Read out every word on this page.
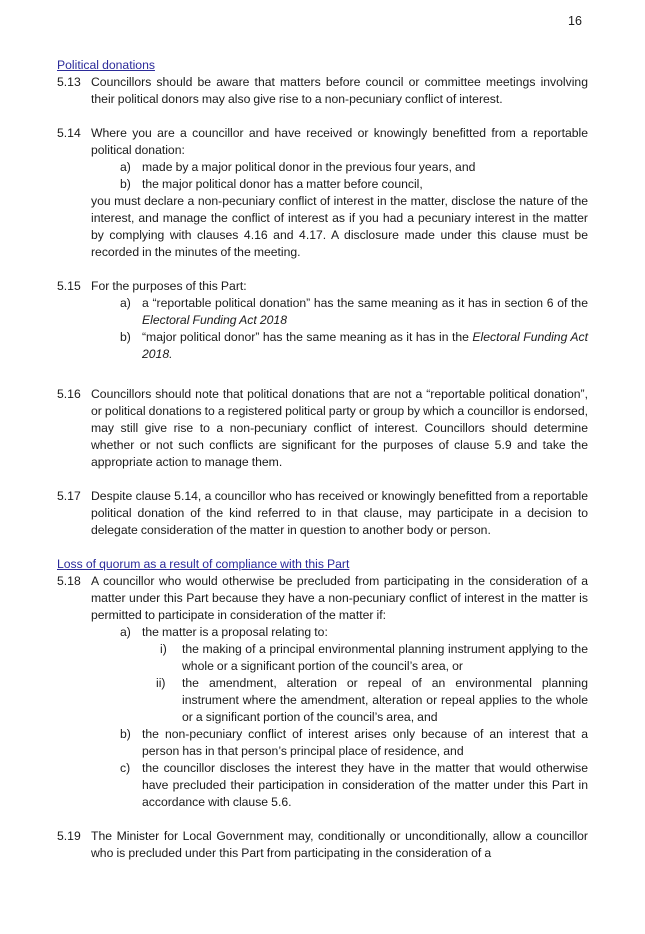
16
Political donations
5.13 Councillors should be aware that matters before council or committee meetings involving their political donors may also give rise to a non-pecuniary conflict of interest.
5.14 Where you are a councillor and have received or knowingly benefitted from a reportable political donation:
a) made by a major political donor in the previous four years, and
b) the major political donor has a matter before council,
you must declare a non-pecuniary conflict of interest in the matter, disclose the nature of the interest, and manage the conflict of interest as if you had a pecuniary interest in the matter by complying with clauses 4.16 and 4.17. A disclosure made under this clause must be recorded in the minutes of the meeting.
5.15 For the purposes of this Part:
a) a “reportable political donation” has the same meaning as it has in section 6 of the Electoral Funding Act 2018
b) “major political donor” has the same meaning as it has in the Electoral Funding Act 2018.
5.16 Councillors should note that political donations that are not a “reportable political donation”, or political donations to a registered political party or group by which a councillor is endorsed, may still give rise to a non-pecuniary conflict of interest. Councillors should determine whether or not such conflicts are significant for the purposes of clause 5.9 and take the appropriate action to manage them.
5.17 Despite clause 5.14, a councillor who has received or knowingly benefitted from a reportable political donation of the kind referred to in that clause, may participate in a decision to delegate consideration of the matter in question to another body or person.
Loss of quorum as a result of compliance with this Part
5.18 A councillor who would otherwise be precluded from participating in the consideration of a matter under this Part because they have a non-pecuniary conflict of interest in the matter is permitted to participate in consideration of the matter if:
a) the matter is a proposal relating to:
i) the making of a principal environmental planning instrument applying to the whole or a significant portion of the council’s area, or
ii) the amendment, alteration or repeal of an environmental planning instrument where the amendment, alteration or repeal applies to the whole or a significant portion of the council’s area, and
b) the non-pecuniary conflict of interest arises only because of an interest that a person has in that person’s principal place of residence, and
c) the councillor discloses the interest they have in the matter that would otherwise have precluded their participation in consideration of the matter under this Part in accordance with clause 5.6.
5.19 The Minister for Local Government may, conditionally or unconditionally, allow a councillor who is precluded under this Part from participating in the consideration of a
